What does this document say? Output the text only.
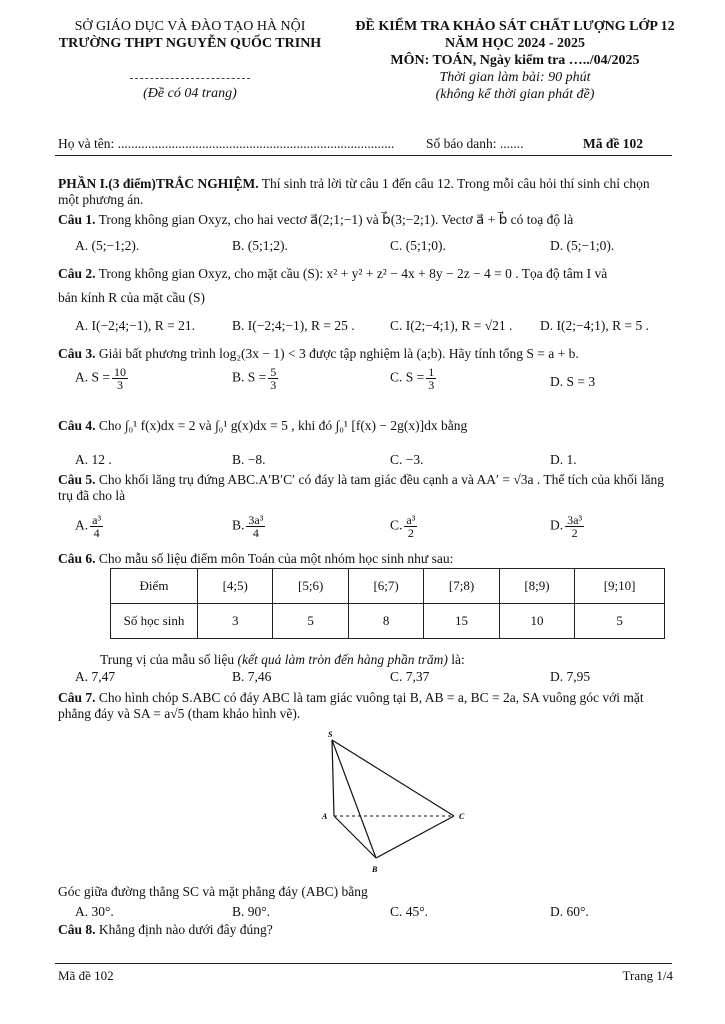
SỞ GIÁO DỤC VÀ ĐÀO TẠO HÀ NỘI
TRƯỜNG THPT NGUYỄN QUỐC TRINH
(Đề có 04 trang)
ĐỀ KIỂM TRA KHẢO SÁT CHẤT LƯỢNG LỚP 12
NĂM HỌC 2024 - 2025
MÔN: TOÁN, Ngày kiểm tra …../04/2025
Thời gian làm bài: 90 phút
(không kể thời gian phát đề)
Họ và tên: .................................................................................. Số báo danh: .......	Mã đề 102
PHẦN I.(3 điểm)TRẮC NGHIỆM. Thí sinh trả lời từ câu 1 đến câu 12. Trong mỗi câu hỏi thí sinh chỉ chọn một phương án.
Câu 1. Trong không gian Oxyz, cho hai vectơ a⃗(2;1;−1) và b⃗(3;−2;1). Vectơ a⃗ + b⃗ có toạ độ là
A. (5;−1;2).	B. (5;1;2).	C. (5;1;0).	D. (5;−1;0).
Câu 2. Trong không gian Oxyz, cho mặt cầu (S): x² + y² + z² − 4x + 8y − 2z − 4 = 0 . Tọa độ tâm I và
bán kính R của mặt cầu (S)
A. I(−2;4;−1), R = 21.	B. I(−2;4;−1), R = 25 .	C. I(2;−4;1), R = √21 . D. I(2;−4;1), R = 5 .
Câu 3. Giải bất phương trình log₂(3x − 1) < 3 được tập nghiệm là (a;b). Hãy tính tổng S = a + b.
A. $S = \frac{10}{3}$	B. $S = \frac{5}{3}$	C. $S = \frac{1}{3}$	D. S = 3
Câu 4. Cho ∫₀¹ f(x)dx = 2 và ∫₀¹ g(x)dx = 5 , khi đó ∫₀¹ [f(x) − 2g(x)]dx bằng
A. 12 .	B. −8.	C. −3.	D. 1.
Câu 5. Cho khối lăng trụ đứng ABC.A′B′C′ có đáy là tam giác đều cạnh a và AA′ = √3a . Thể tích của khối lăng trụ đã cho là
A. $\frac{\text{a³}}{4}$	B. $\frac{\text{3a³}}{4}$	C. $\frac{\text{a³}}{2}$	D. $\frac{\text{3a³}}{2}$
Câu 6. Cho mẫu số liệu điểm môn Toán của một nhóm học sinh như sau:
Điểm	[4;5)	[5;6)	[6;7)	[7;8)	[8;9)	[9;10]
Số học sinh	3	5	8	15	10	5
Trung vị của mẫu số liệu (kết quả làm tròn đến hàng phần trăm) là:
A. 7,47	B. 7,46	C. 7,37	D. 7,95
Câu 7. Cho hình chóp S.ABC có đáy ABC là tam giác vuông tại B, AB = a, BC = 2a, SA vuông góc với mặt phẳng đáy và SA = a√5 (tham khảo hình vẽ).
S
A
B
C
Góc giữa đường thẳng SC và mặt phẳng đáy (ABC) bằng
A. 30°.	B. 90°.	C. 45°.	D. 60°.
Câu 8. Khẳng định nào dưới đây đúng?
Mã đề 102	Trang 1/4
